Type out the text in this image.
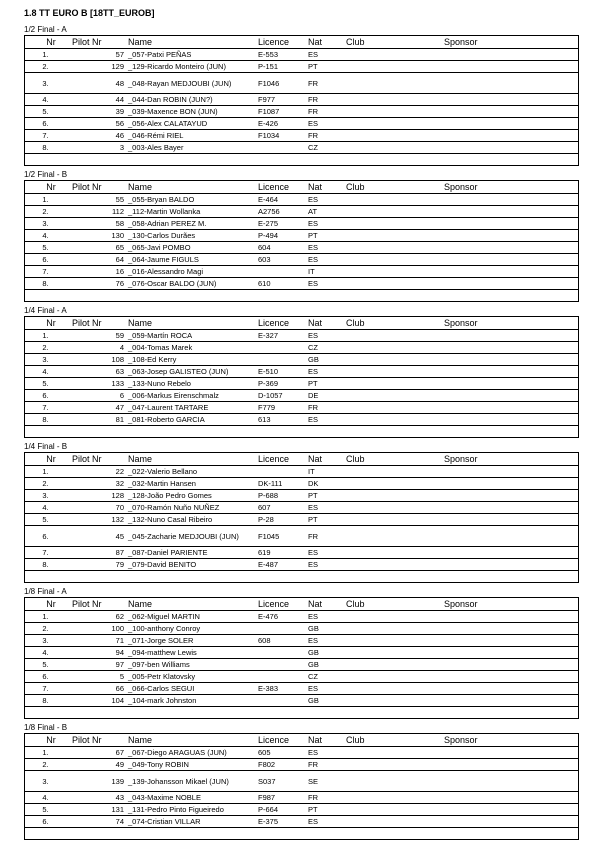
1.8 TT EURO B [18TT_EUROB]
1/2 Final - A
Nr	Pilot Nr	Name	Licence	Nat	Club	Sponsor
1.	57	_057-Patxi PEÑAS	E-553	ES		
2.	129	_129-Ricardo Monteiro (JUN)	P-151	PT		
3.	48	_048-Rayan MEDJOUBI (JUN)	F1046	FR		
4.	44	_044-Dan ROBIN (JUN?)	F977	FR		
5.	39	_039-Maxence BON (JUN)	F1087	FR		
6.	56	_056-Alex CALATAYUD	E-426	ES		
7.	46	_046-Rémi RIEL	F1034	FR		
8.	3	_003-Ales Bayer		CZ		

1/2 Final - B
Nr	Pilot Nr	Name	Licence	Nat	Club	Sponsor
1.	55	_055-Bryan BALDO	E-464	ES		
2.	112	_112-Martin Wollanka	A2756	AT		
3.	58	_058-Adrian PEREZ M.	E-275	ES		
4.	130	_130-Carlos Durães	P-494	PT		
5.	65	_065-Javi POMBO	604	ES		
6.	64	_064-Jaume FIGULS	603	ES		
7.	16	_016-Alessandro Magi		IT		
8.	76	_076-Oscar BALDO (JUN)	610	ES		

1/4 Final - A
Nr	Pilot Nr	Name	Licence	Nat	Club	Sponsor
1.	59	_059-Martín ROCA	E-327	ES		
2.	4	_004-Tomas Marek		CZ		
3.	108	_108-Ed Kerry		GB		
4.	63	_063-Josep GALISTEO (JUN)	E-510	ES		
5.	133	_133-Nuno Rebelo	P-369	PT		
6.	6	_006-Markus Eirenschmalz	D-1057	DE		
7.	47	_047-Laurent TARTARE	F779	FR		
8.	81	_081-Roberto GARCIA	613	ES		

1/4 Final - B
Nr	Pilot Nr	Name	Licence	Nat	Club	Sponsor
1.	22	_022-Valerio Bellano		IT		
2.	32	_032-Martin Hansen	DK-111	DK		
3.	128	_128-João Pedro Gomes	P-688	PT		
4.	70	_070-Ramón Nuño NUÑEZ	607	ES		
5.	132	_132-Nuno Casal Ribeiro	P-28	PT		
6.	45	_045-Zacharie MEDJOUBI (JUN)	F1045	FR		
7.	87	_087-Daniel PARIENTE	619	ES		
8.	79	_079-David BENITO	E-487	ES		

1/8 Final - A
Nr	Pilot Nr	Name	Licence	Nat	Club	Sponsor
1.	62	_062-Miguel MARTIN	E-476	ES		
2.	100	_100-anthony Conroy		GB		
3.	71	_071-Jorge SOLER	608	ES		
4.	94	_094-matthew Lewis		GB		
5.	97	_097-ben Williams		GB		
6.	5	_005-Petr Klatovsky		CZ		
7.	66	_066-Carlos SEGUI	E-383	ES		
8.	104	_104-mark Johnston		GB		

1/8 Final - B
Nr	Pilot Nr	Name	Licence	Nat	Club	Sponsor
1.	67	_067-Diego ARAGUAS (JUN)	605	ES		
2.	49	_049-Tony ROBIN	F802	FR		
3.	139	_139-Johansson Mikael (JUN)	S037	SE		
4.	43	_043-Maxime NOBLE	F987	FR		
5.	131	_131-Pedro Pinto Figueiredo	P-664	PT		
6.	74	_074-Cristian VILLAR	E-375	ES		
